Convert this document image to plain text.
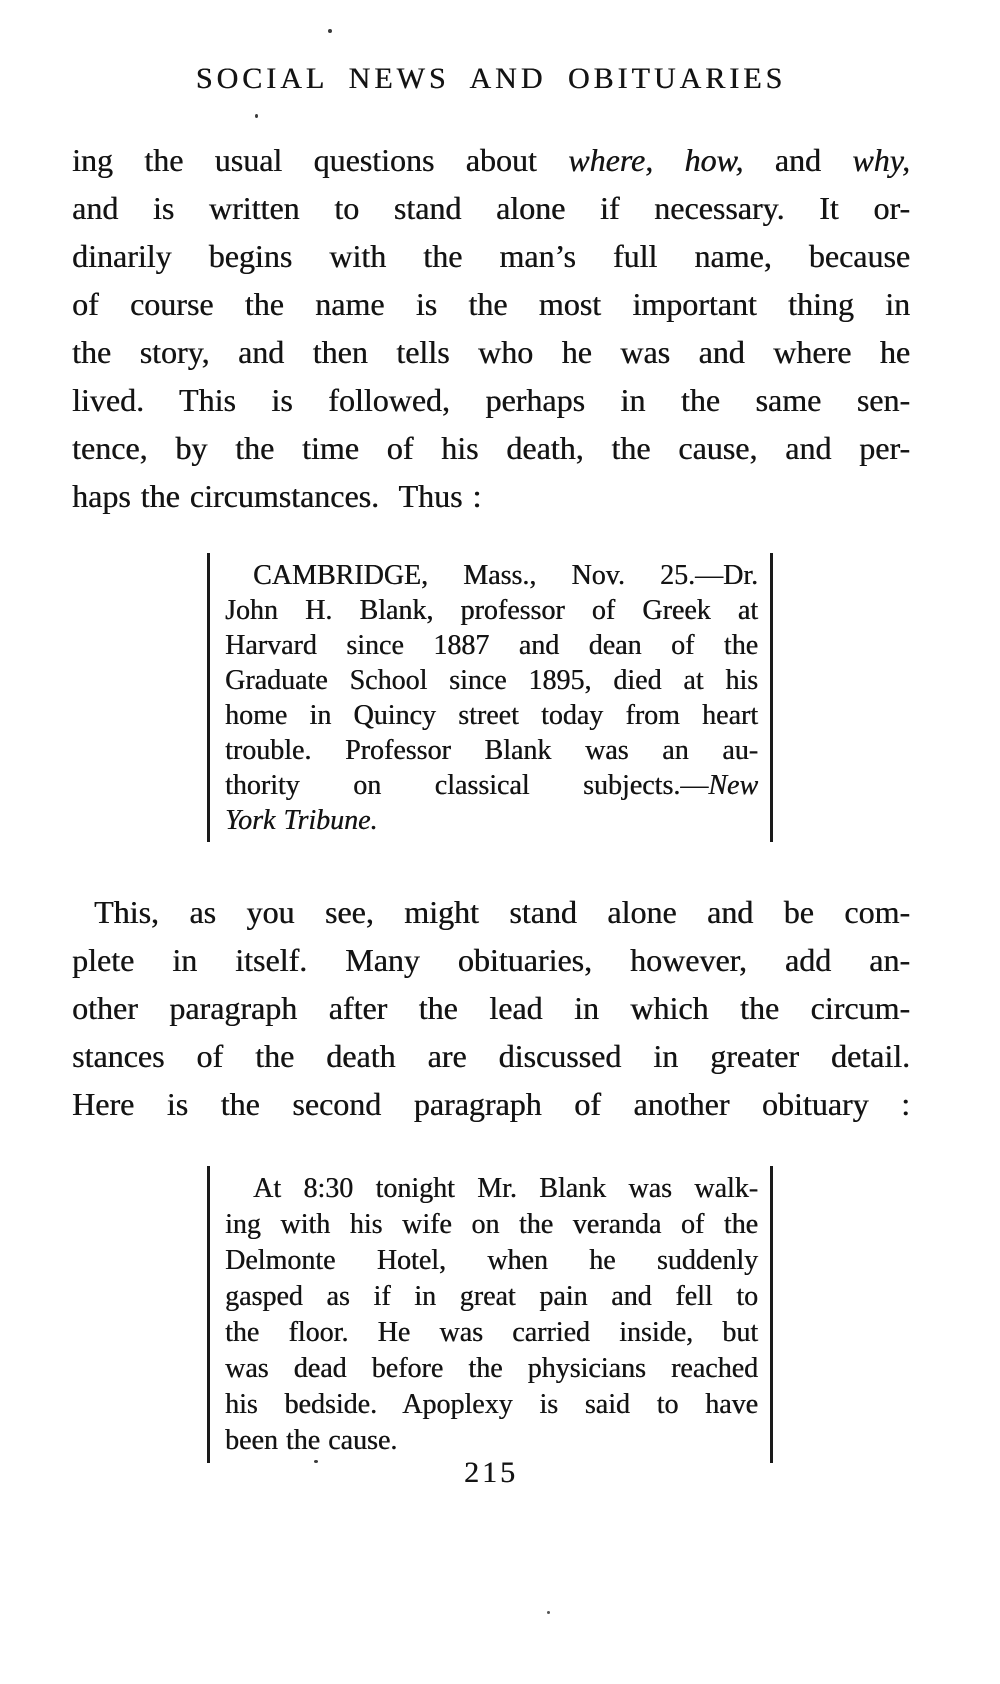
SOCIAL NEWS AND OBITUARIES
ing the usual questions about where, how, and why,
and is written to stand alone if necessary. It or-
dinarily begins with the man’s full name, because
of course the name is the most important thing in
the story, and then tells who he was and where he
lived. This is followed, perhaps in the same sen-
tence, by the time of his death, the cause, and per-
haps the circumstances.  Thus :
CAMBRIDGE, Mass., Nov. 25.—Dr.
John H. Blank, professor of Greek at
Harvard since 1887 and dean of the
Graduate School since 1895, died at his
home in Quincy street today from heart
trouble. Professor Blank was an au-
thority on classical subjects.—New
York Tribune.
This, as you see, might stand alone and be com-
plete in itself. Many obituaries, however, add an-
other paragraph after the lead in which the circum-
stances of the death are discussed in greater detail.
Here is the second paragraph of another obituary :
At 8:30 tonight Mr. Blank was walk-
ing with his wife on the veranda of the
Delmonte Hotel, when he suddenly
gasped as if in great pain and fell to
the floor. He was carried inside, but
was dead before the physicians reached
his bedside. Apoplexy is said to have
been the cause.
215
